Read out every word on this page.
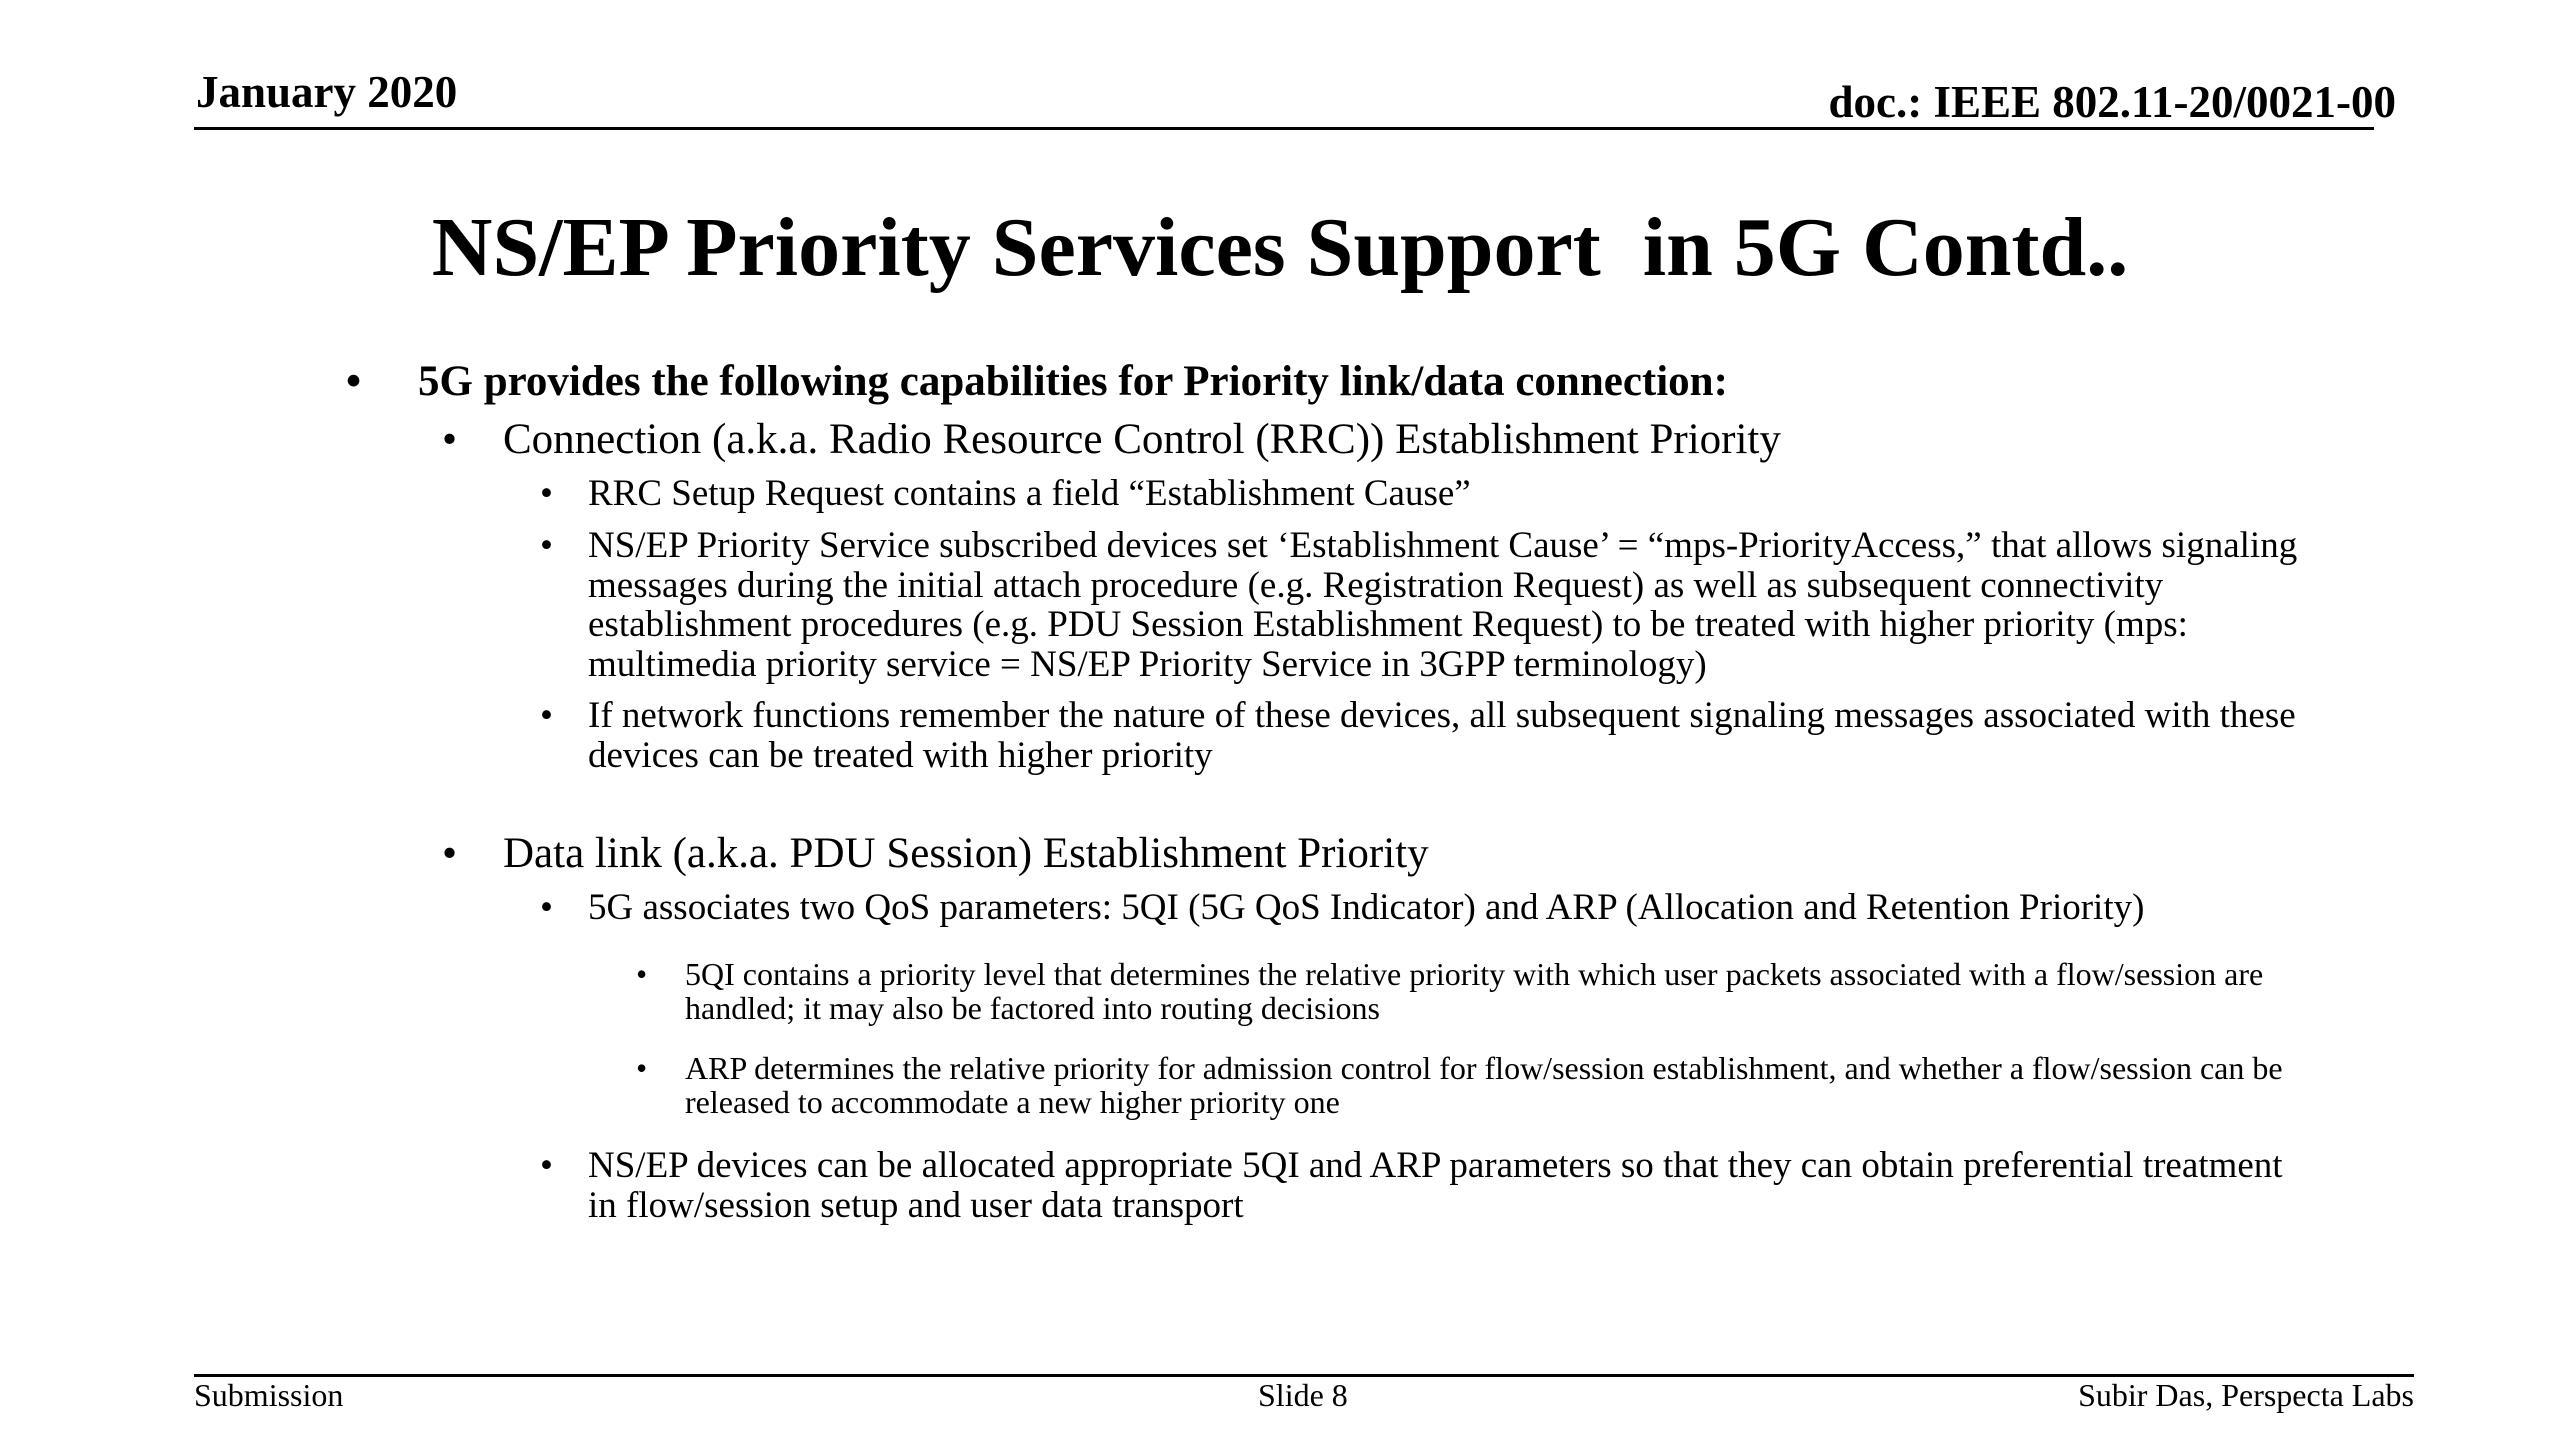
January 2020	doc.: IEEE 802.11-20/0021-00
NS/EP Priority Services Support  in 5G Contd..
•	5G provides the following capabilities for Priority link/data connection:
•	Connection (a.k.a. Radio Resource Control (RRC)) Establishment Priority
• RRC Setup Request contains a field “Establishment Cause”
• NS/EP Priority Service subscribed devices set ‘Establishment Cause’ = “mps-PriorityAccess,” that allows signaling messages during the initial attach procedure (e.g. Registration Request) as well as subsequent connectivity establishment procedures (e.g. PDU Session Establishment Request) to be treated with higher priority (mps: multimedia priority service = NS/EP Priority Service in 3GPP terminology)
• If network functions remember the nature of these devices, all subsequent signaling messages associated with these devices can be treated with higher priority
•	Data link (a.k.a. PDU Session) Establishment Priority
• 5G associates two QoS parameters: 5QI (5G QoS Indicator) and ARP (Allocation and Retention Priority)
•	5QI contains a priority level that determines the relative priority with which user packets associated with a flow/session are handled; it may also be factored into routing decisions
•	ARP determines the relative priority for admission control for flow/session establishment, and whether a flow/session can be released to accommodate a new higher priority one
• NS/EP devices can be allocated appropriate 5QI and ARP parameters so that they can obtain preferential treatment in flow/session setup and user data transport
Submission	Slide 8	Subir Das, Perspecta Labs
